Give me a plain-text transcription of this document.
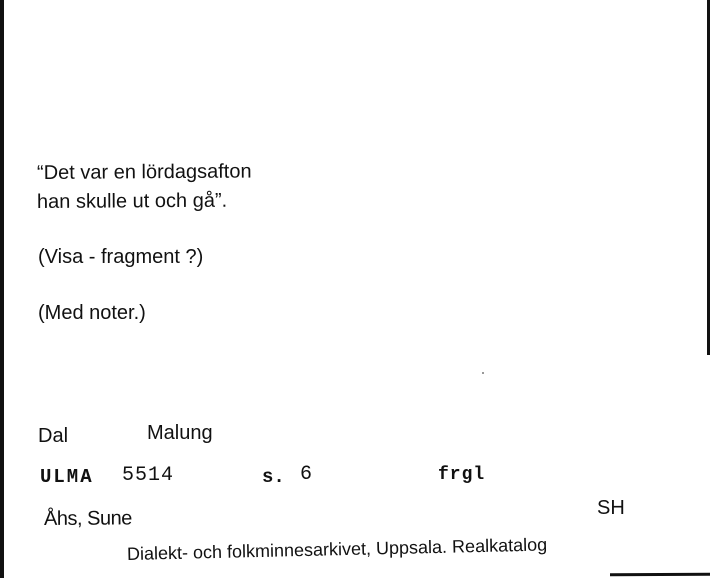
“Det var en lördagsafton
han skulle ut och gå”.
(Visa - fragment ?)
(Med noter.)
Dal	Malung
ULMA 5514	s. 6	frgl
Åhs, Sune	SH
Dialekt- och folkminnesarkivet, Uppsala. Realkatalog
